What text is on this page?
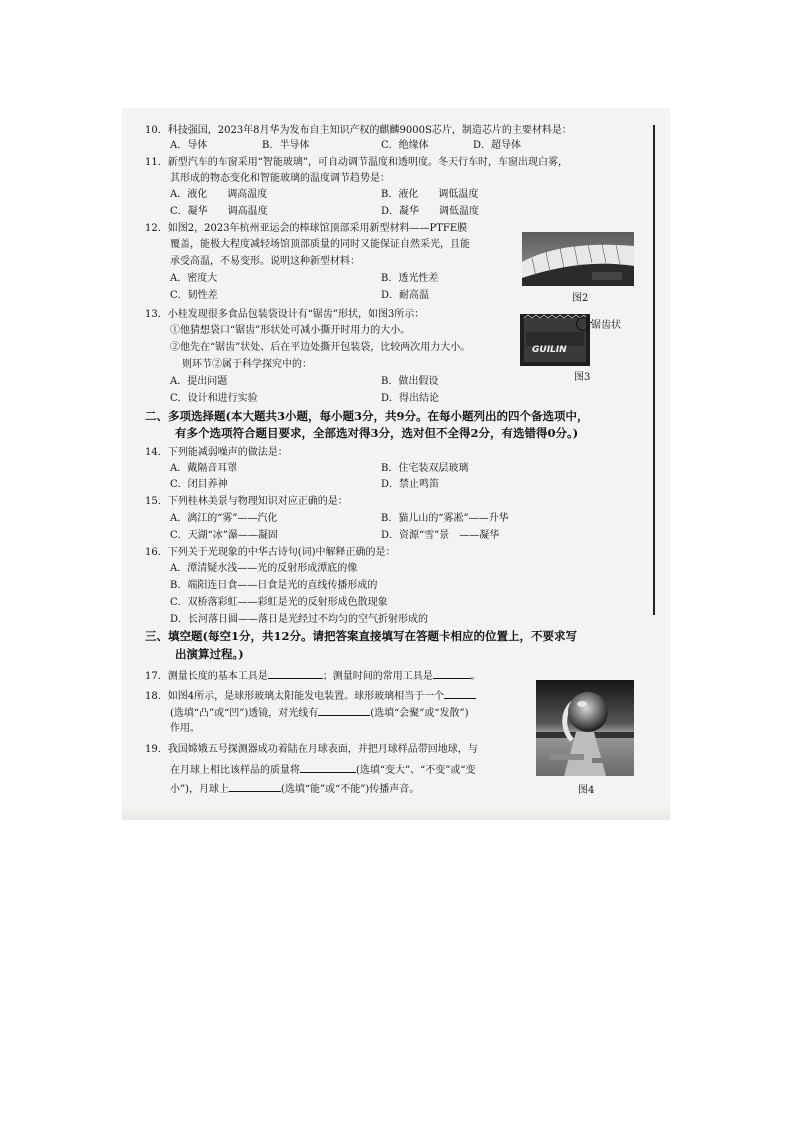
10．科技强国，2023年8月华为发布自主知识产权的麒麟9000S芯片，制造芯片的主要材料是：
A．导体	B．半导体	C．绝缘体	D．超导体
11．新型汽车的车窗采用“智能玻璃”，可自动调节温度和透明度。冬天行车时，车窗出现白雾，
其形成的物态变化和智能玻璃的温度调节趋势是：
A．液化　　调高温度	B．液化　　调低温度
C．凝华　　调高温度	D．凝华　　调低温度
12．如图2，2023年杭州亚运会的棒球馆顶部采用新型材料——PTFE膜
覆盖，能极大程度减轻场馆顶部质量的同时又能保证自然采光，且能
承受高温，不易变形。说明这种新型材料：
A．密度大	B．透光性差
C．韧性差	D．耐高温	图2
13．小桂发现很多食品包装袋设计有“锯齿”形状，如图3所示：
①他猜想袋口“锯齿”形状处可减小撕开时用力的大小。
②他先在“锯齿”状处、后在平边处撕开包装袋，比较两次用力大小。
则环节②属于科学探究中的：
A．提出问题	B．做出假设
C．设计和进行实验	D．得出结论
GUILIN
锯齿状
图3
二、多项选择题(本大题共3小题，每小题3分，共9分。在每小题列出的四个备选项中，
有多个选项符合题目要求，全部选对得3分，选对但不全得2分，有选错得0分。)
14．下列能减弱噪声的做法是：
A．戴隔音耳罩	B．住宅装双层玻璃
C．闭目养神	D．禁止鸣笛
15．下列桂林美景与物理知识对应正确的是：
A．漓江的“雾”——汽化	B．猫儿山的“雾凇”——升华
C．天湖“冰”瀑——凝固	D．资源“雪”景　——凝华
16．下列关于光现象的中华古诗句(词)中解释正确的是：
A．潭清疑水浅——光的反射形成潭底的像
B．端阳连日食——日食是光的直线传播形成的
C．双桥落彩虹——彩虹是光的反射形成色散现象
D．长河落日圆——落日是光经过不均匀的空气折射形成的
三、填空题(每空1分，共12分。请把答案直接填写在答题卡相应的位置上，不要求写
出演算过程。)
17．测量长度的基本工具是	；测量时间的常用工具是	。
18．如图4所示，是球形玻璃太阳能发电装置。球形玻璃相当于一个
(选填“凸”或“凹”)透镜，对光线有	(选填“会聚”或“发散”)
作用。
图4
19．我国嫦娥五号探测器成功着陆在月球表面，并把月球样品带回地球，与
在月球上相比该样品的质量将	(选填“变大”、“不变”或“变
小”)，月球上	(选填“能”或“不能”)传播声音。
